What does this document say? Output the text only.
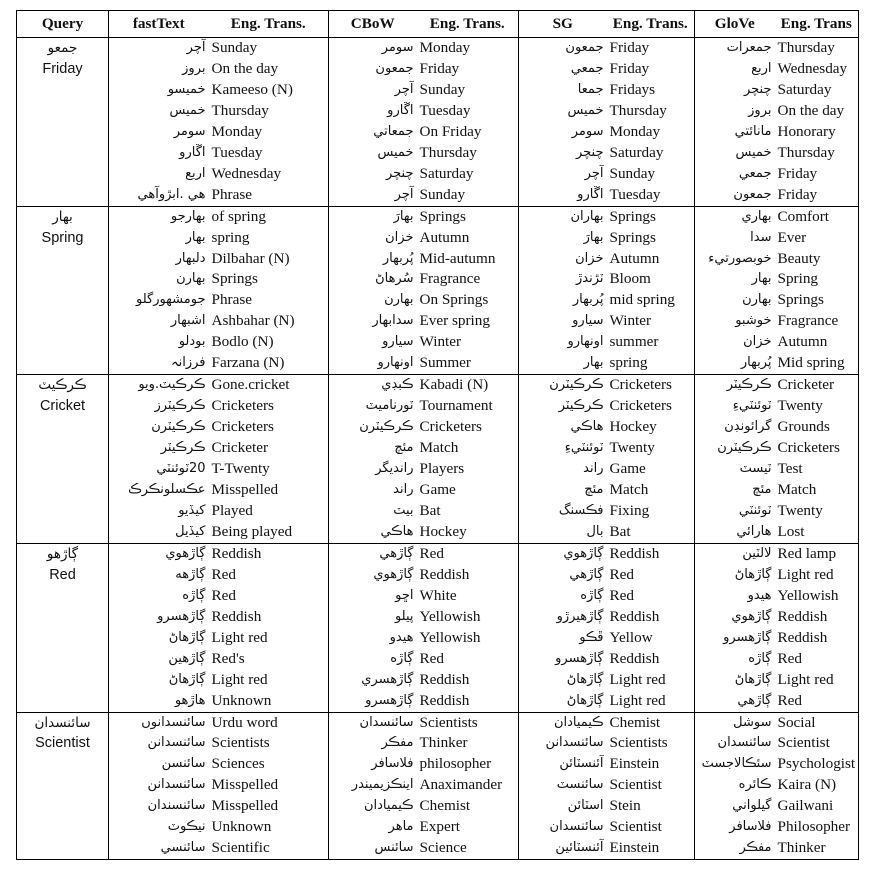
Query	fastText	Eng. Trans.	CBoW	Eng. Trans.	SG	Eng. Trans.	GloVe	Eng. Trans
جمعو	آچر	Sunday	سومر	Monday	جمعون	Friday	جمعرات	Thursday
Friday	بروز	On the day	جمعون	Friday	جمعي	Friday	اربع	Wednesday
	خميسو	Kameeso (N)	آچر	Sunday	جمعا	Fridays	چنچر	Saturday
	خميس	Thursday	اڱارو	Tuesday	خميس	Thursday	بروز	On the day
	سومر	Monday	جمعاتي	On Friday	سومر	Monday	مانائتي	Honorary
	اڱارو	Tuesday	خميس	Thursday	چنچر	Saturday	خميس	Thursday
	اربع	Wednesday	چنچر	Saturday	آچر	Sunday	جمعي	Friday
	هي .ابڙوآهي	Phrase	آچر	Sunday	اڱارو	Tuesday	جمعون	Friday
بهار	بهارجو	of spring	بهارَ	Springs	بهاران	Springs	بهاري	Comfort
Spring	بهار	spring	خزان	Autumn	بهارَ	Springs	سدا	Ever
	دلبهار	Dilbahar (N)	پُربهار	Mid-autumn	خزان	Autumn	خوبصورتيء	Beauty
	بهارن	Springs	سُرهاڻ	Fragrance	ٽڙندڙ	Bloom	بهار	Spring
	جومشهورگلو	Phrase	بهارن	On Springs	پُربهار	mid spring	بهارن	Springs
	اشبهار	Ashbahar (N)	سدابهار	Ever spring	سيارو	Winter	خوشبو	Fragrance
	بودلو	Bodlo (N)	سيارو	Winter	اونهارو	summer	خزان	Autumn
	فرزانہ	Farzana (N)	اونهارو	Summer	بهار	spring	پُربهار	Mid spring
ڪرڪيٽ	ڪرڪيٽ.ويو	Gone.cricket	ڪبڊي	Kabadi (N)	ڪرڪيٽرن	Cricketers	ڪرڪيٽر	Cricketer
Cricket	ڪرڪيٽرز	Cricketers	ٽورناميٽ	Tournament	ڪرڪيٽر	Cricketers	ٽوئنٽيءِ	Twenty
	ڪرڪيٽرن	Cricketers	ڪرڪيٽرن	Cricketers	هاڪي	Hockey	گرائونڊن	Grounds
	ڪرڪيٽر	Cricketer	مئچ	Match	ٽوئنٽيءِ	Twenty	ڪرڪيٽرن	Cricketers
	20ٽوئنٽي	T-Twenty	رانديگر	Players	راند	Game	ٽيسٽ	Test
	عڪسلونڪرڪ	Misspelled	راند	Game	مئچ	Match	مئچ	Match
	کيڏيو	Played	بيٽ	Bat	فڪسنگ	Fixing	ٽوئنٽي	Twenty
	کيڏيل	Being played	هاڪي	Hockey	بال	Bat	هارائي	Lost
ڳاڙهو	ڳاڙهوي	Reddish	ڳاڙهي	Red	ڳاڙهوي	Reddish	لالٽين	Red lamp
Red	ڳاڙهه	Red	ڳاڙهوي	Reddish	ڳاڙهي	Red	ڳاڙهاڻ	Light red
	ڳاڙه	Red	اڇو	White	ڳاڙه	Red	هيدو	Yellowish
	ڳاڙهسرو	Reddish	پيلو	Yellowish	ڳاڙهيرڙو	Reddish	ڳاڙهوي	Reddish
	ڳاڙهاڻ	Light red	هيدو	Yellowish	ڦڪو	Yellow	ڳاڙهسرو	Reddish
	ڳاڙهين	Red's	ڳاڙه	Red	ڳاڙهسرو	Reddish	ڳاڙه	Red
	ڳاڙهاڻ	Light red	ڳاڙهسري	Reddish	ڳاڙهاڻ	Light red	ڳاڙهاڻ	Light red
	هاڙهو	Unknown	ڳاڙهسرو	Reddish	ڳاڙهاڻ	Light red	ڳاڙهي	Red
سائنسدان	سائنسدانوں	Urdu word	سائنسدان	Scientists	ڪيميادان	Chemist	سوشل	Social
Scientist	سائنسدانن	Scientists	مفڪر	Thinker	سائنسدانن	Scientists	سائنسدان	Scientist
	سائنسن	Sciences	فلاسافر	philosopher	آئنسٽائن	Einstein	سئڪالاجسٽ	Psychologist
	سائنسدانن	Misspelled	اينڪزيميندر	Anaximander	سائنسٽ	Scientist	ڪائره	Kaira (N)
	سائنسندان	Misspelled	ڪيميادان	Chemist	اسٽائن	Stein	گيلواني	Gailwani
	نيڪوٽ	Unknown	ماهر	Expert	سائنسدان	Scientist	فلاسافر	Philosopher
	سائنسي	Scientific	سائنس	Science	آئنسٽائين	Einstein	مفڪر	Thinker
